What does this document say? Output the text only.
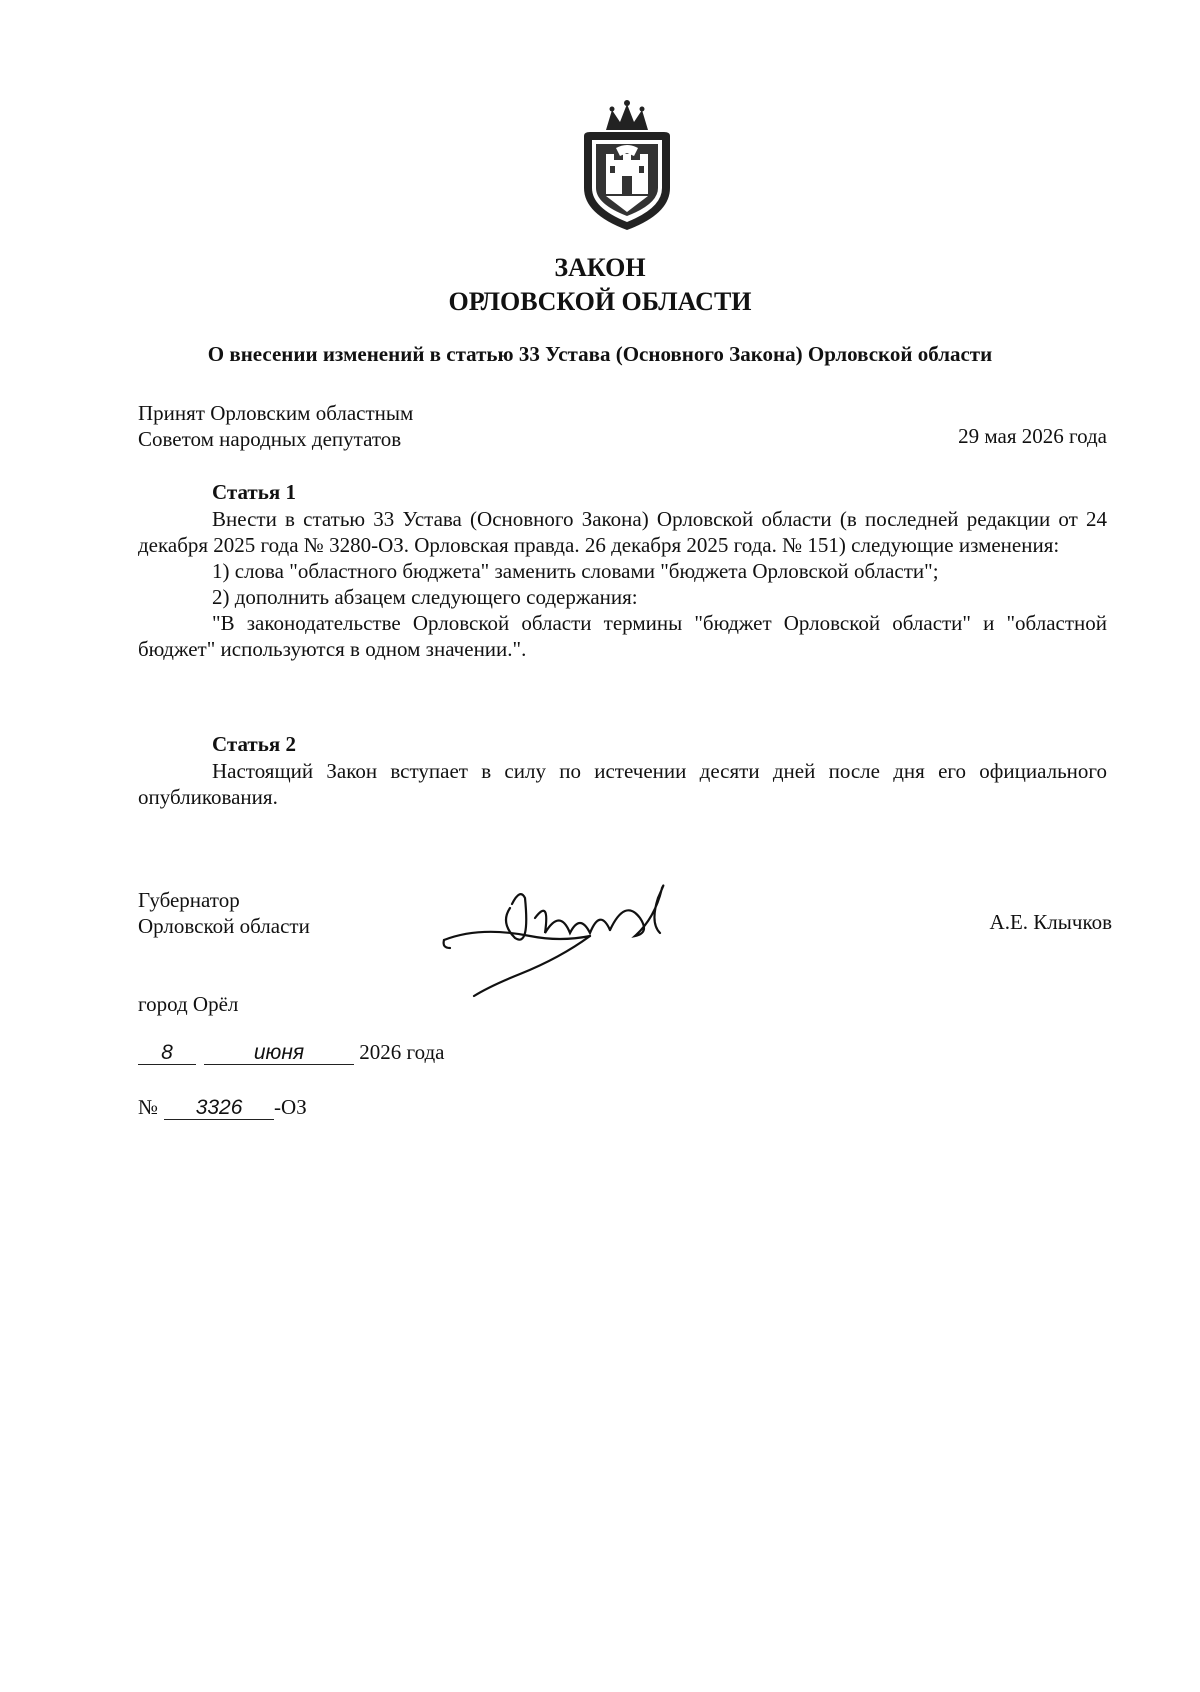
ЗАКОН
ОРЛОВСКОЙ ОБЛАСТИ
О внесении изменений в статью 33 Устава (Основного Закона) Орловской области
Принят Орловским областным
Советом народных депутатов	29 мая 2026 года
Статья 1

Внести в статью 33 Устава (Основного Закона) Орловской области (в последней редакции от 24 декабря 2025 года № 3280-ОЗ. Орловская правда. 26 декабря 2025 года. № 151) следующие изменения:

1) слова "областного бюджета" заменить словами "бюджета Орловской области";

2) дополнить абзацем следующего содержания:

"В законодательстве Орловской области термины "бюджет Орловской области" и "областной бюджет" используются в одном значении.".

Статья 2

Настоящий Закон вступает в силу по истечении десяти дней после дня его официального опубликования.

Губернатор
Орловской области	А.Е. Клычков
город Орёл
8	июня	2026 года
№ 3326 -ОЗ
